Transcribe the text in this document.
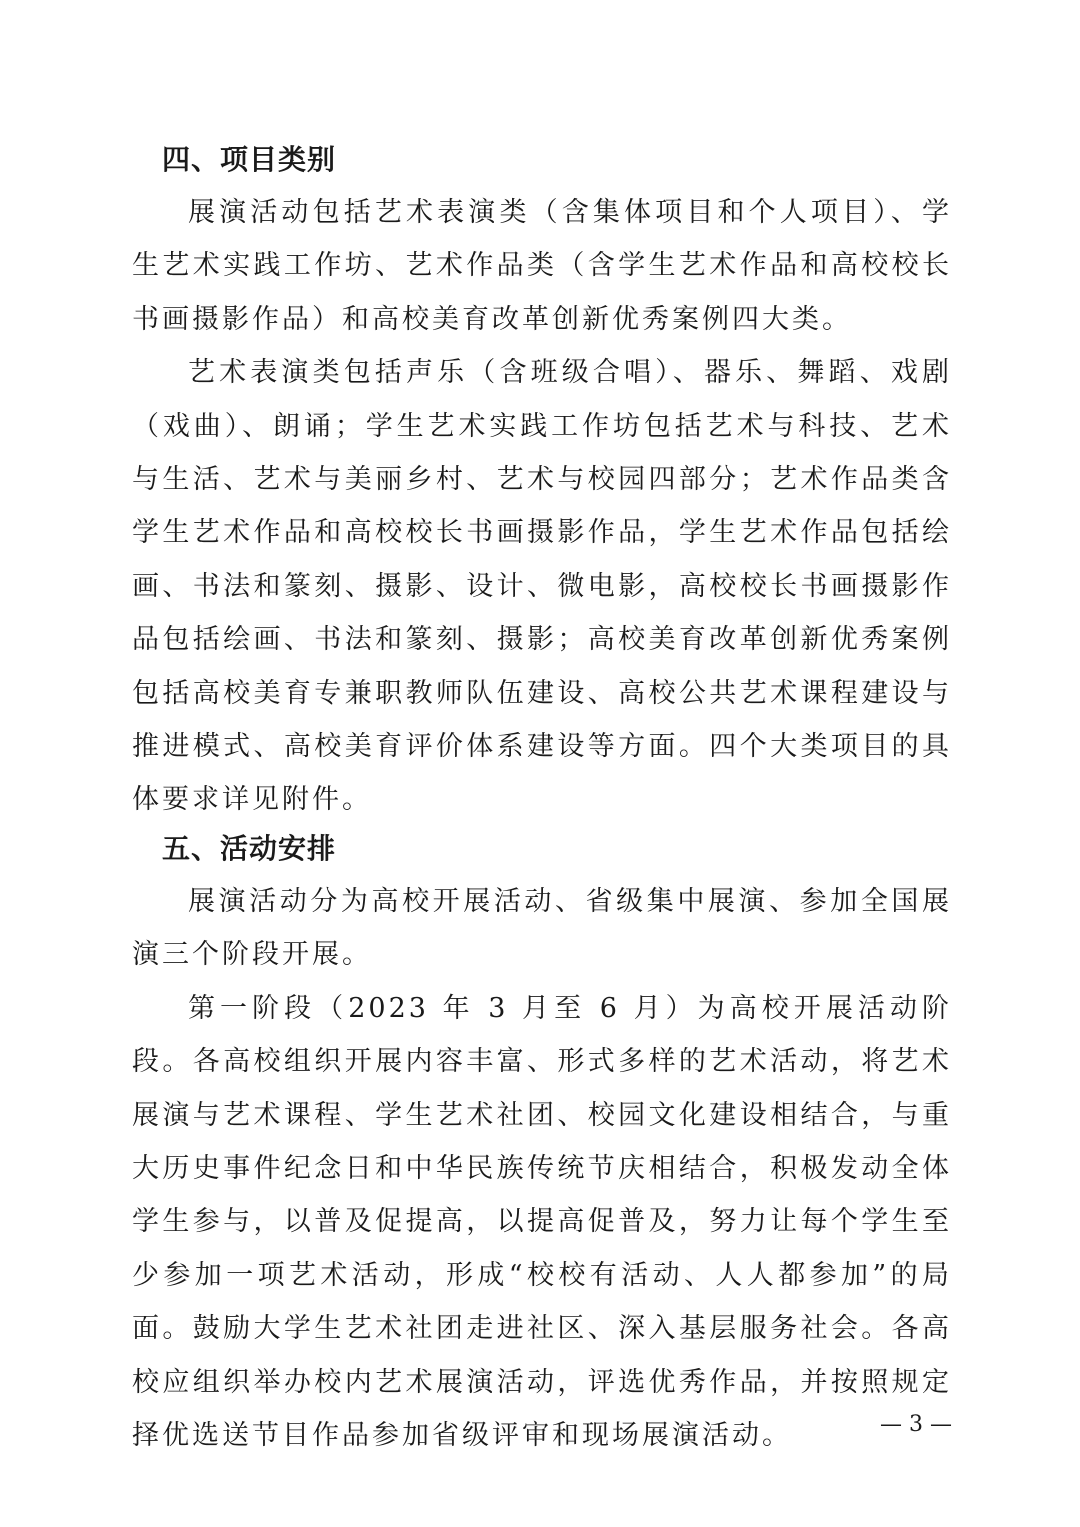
四、项目类别

展演活动包括艺术表演类（含集体项目和个人项目）、学生艺术实践工作坊、艺术作品类（含学生艺术作品和高校校长书画摄影作品）和高校美育改革创新优秀案例四大类。

艺术表演类包括声乐（含班级合唱）、器乐、舞蹈、戏剧（戏曲）、朗诵；学生艺术实践工作坊包括艺术与科技、艺术与生活、艺术与美丽乡村、艺术与校园四部分；艺术作品类含学生艺术作品和高校校长书画摄影作品，学生艺术作品包括绘画、书法和篆刻、摄影、设计、微电影，高校校长书画摄影作品包括绘画、书法和篆刻、摄影；高校美育改革创新优秀案例包括高校美育专兼职教师队伍建设、高校公共艺术课程建设与推进模式、高校美育评价体系建设等方面。四个大类项目的具体要求详见附件。

五、活动安排

展演活动分为高校开展活动、省级集中展演、参加全国展演三个阶段开展。

第一阶段（2023 年 3 月至 6 月）为高校开展活动阶段。各高校组织开展内容丰富、形式多样的艺术活动，将艺术展演与艺术课程、学生艺术社团、校园文化建设相结合，与重大历史事件纪念日和中华民族传统节庆相结合，积极发动全体学生参与，以普及促提高，以提高促普及，努力让每个学生至少参加一项艺术活动，形成“校校有活动、人人都参加”的局面。鼓励大学生艺术社团走进社区、深入基层服务社会。各高校应组织举办校内艺术展演活动，评选优秀作品，并按照规定择优选送节目作品参加省级评审和现场展演活动。	— 3 —
